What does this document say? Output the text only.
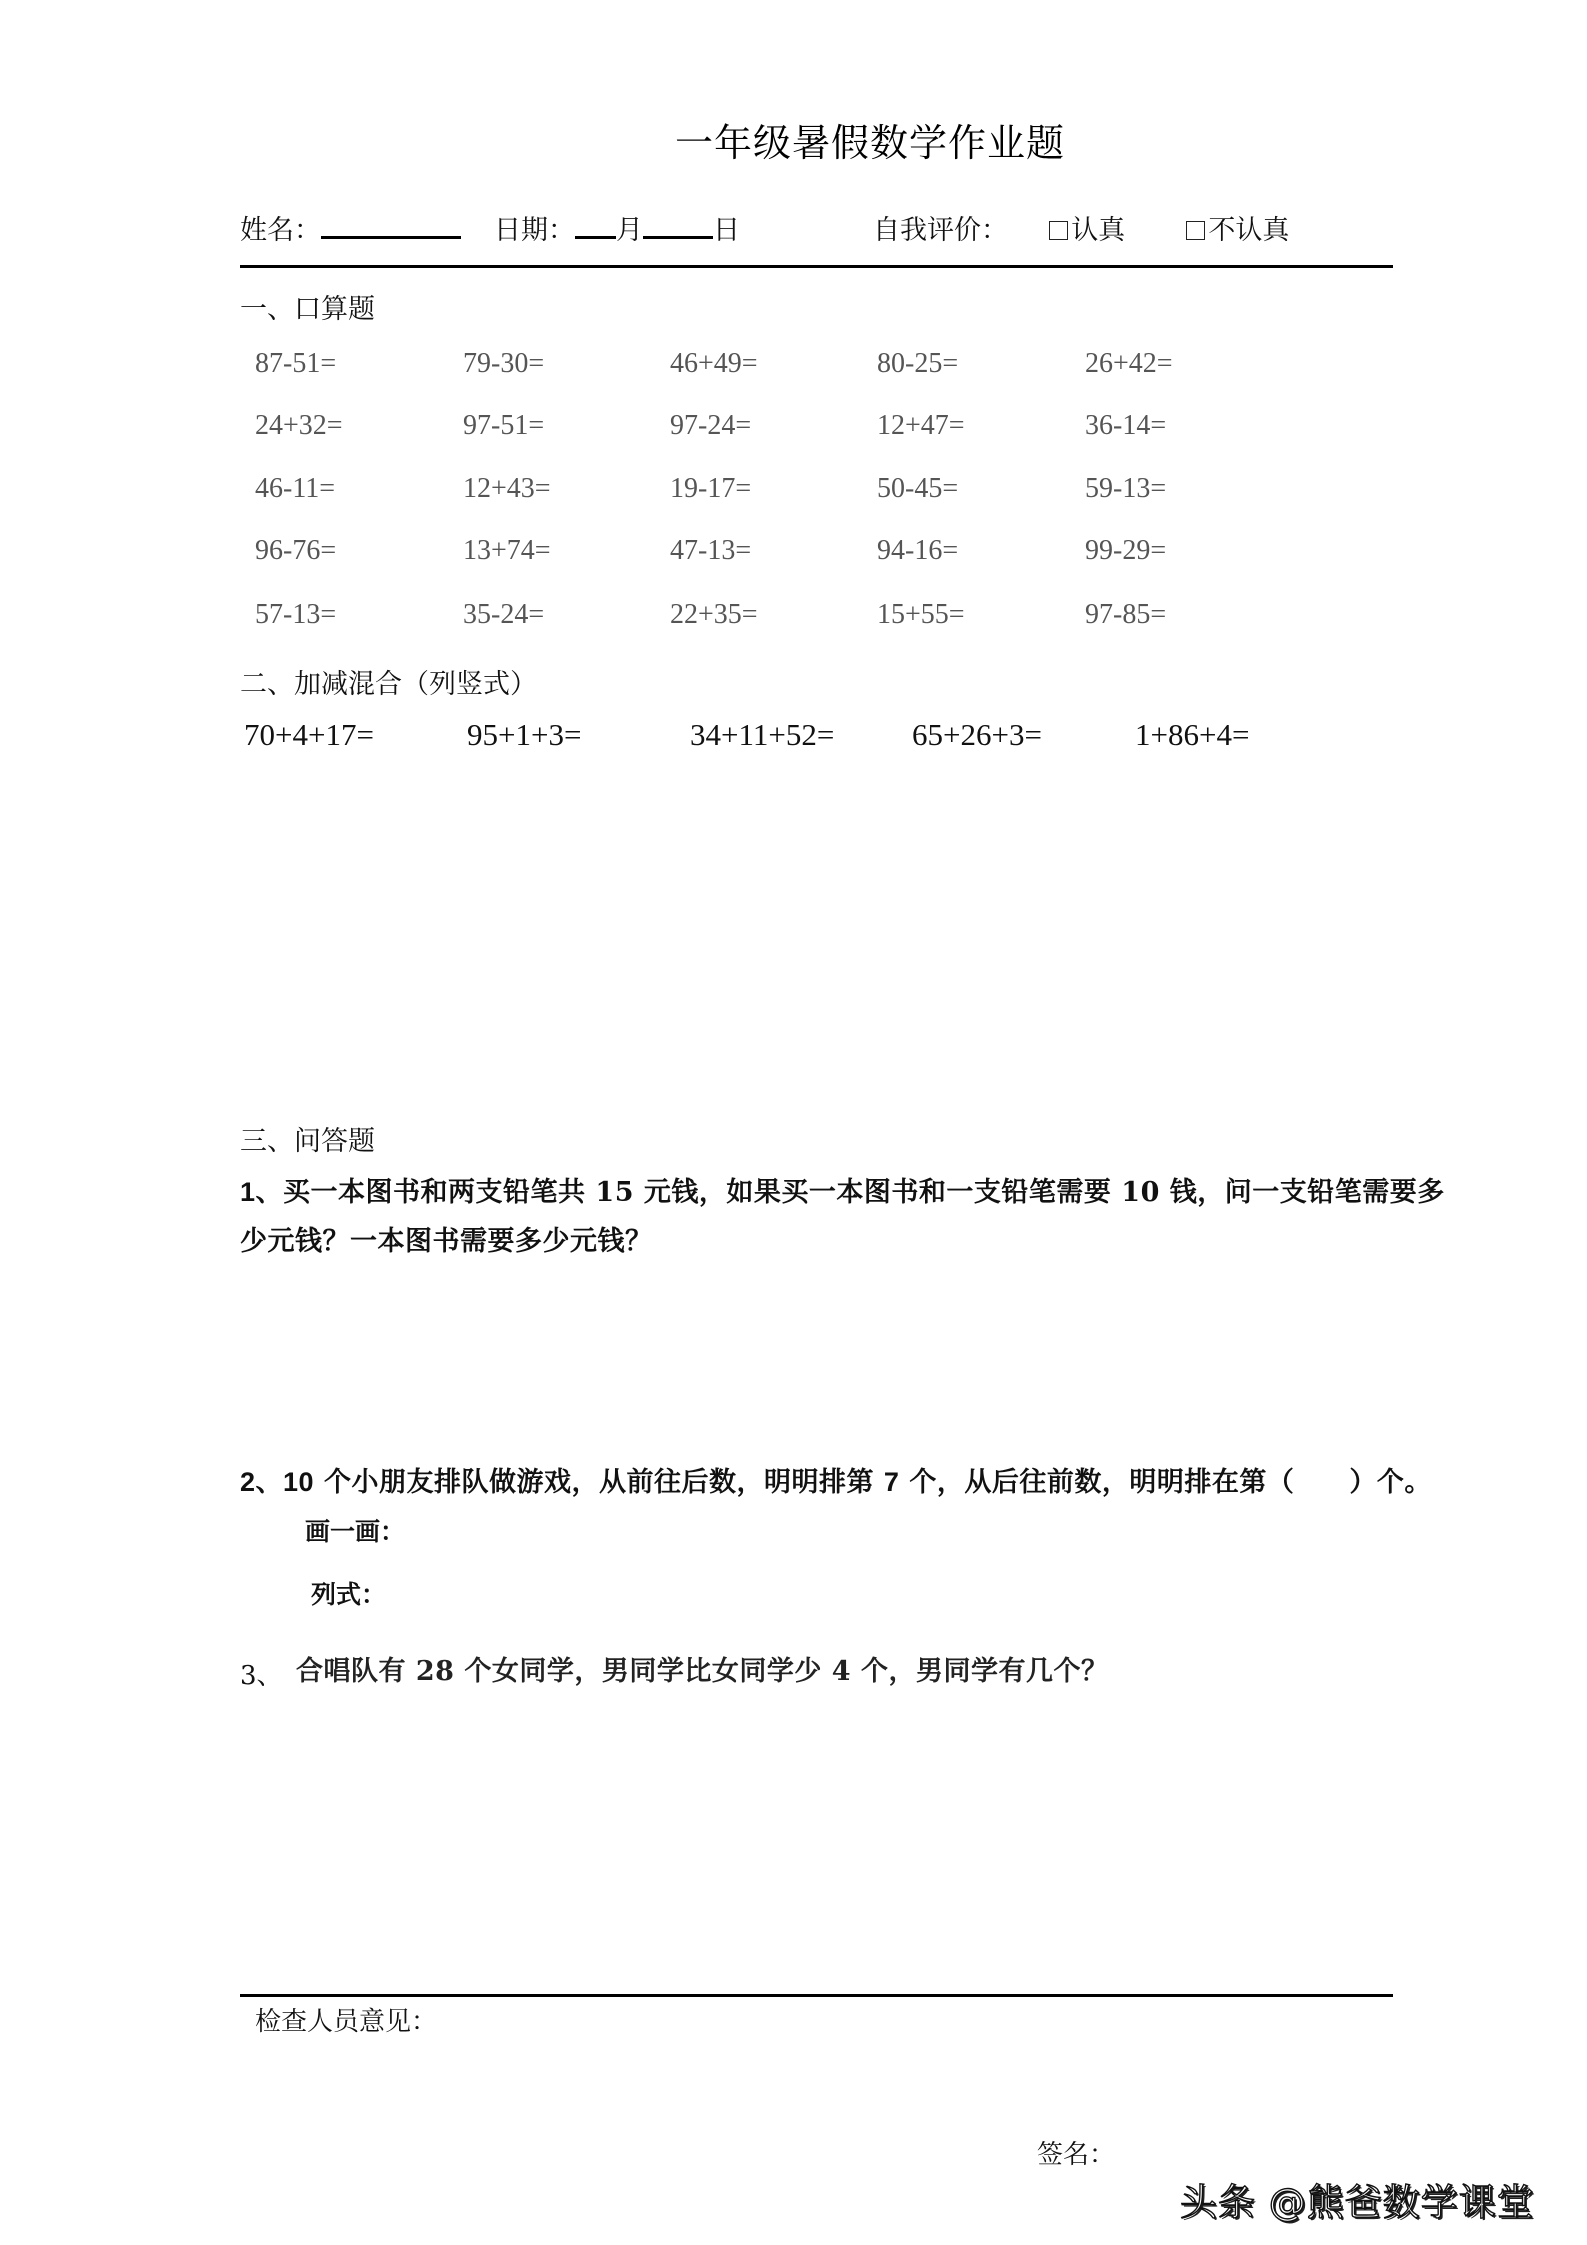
一年级暑假数学作业题
姓名：	日期： 月	日	自我评价： 认真	不认真
一、口算题
87-51=	79-30=	46+49=	80-25=	26+42=
24+32=	97-51=	97-24=	12+47=	36-14=
46-11=	12+43=	19-17=	50-45=	59-13=
96-76=	13+74=	47-13=	94-16=	99-29=
57-13=	35-24=	22+35=	15+55=	97-85=
二、加减混合（列竖式）
70+4+17=	95+1+3=	34+11+52=	65+26+3=	1+86+4=
三、问答题
1、买一本图书和两支铅笔共 15 元钱，如果买一本图书和一支铅笔需要 10 钱，问一支铅笔需要多
少元钱？一本图书需要多少元钱？
2、10 个小朋友排队做游戏，从前往后数，明明排第 7 个，从后往前数，明明排在第（　　）个。
画一画：
列式：
3、 合唱队有 28 个女同学，男同学比女同学少 4 个，男同学有几个？
检查人员意见：
签名：
头条 @熊爸数学课堂
